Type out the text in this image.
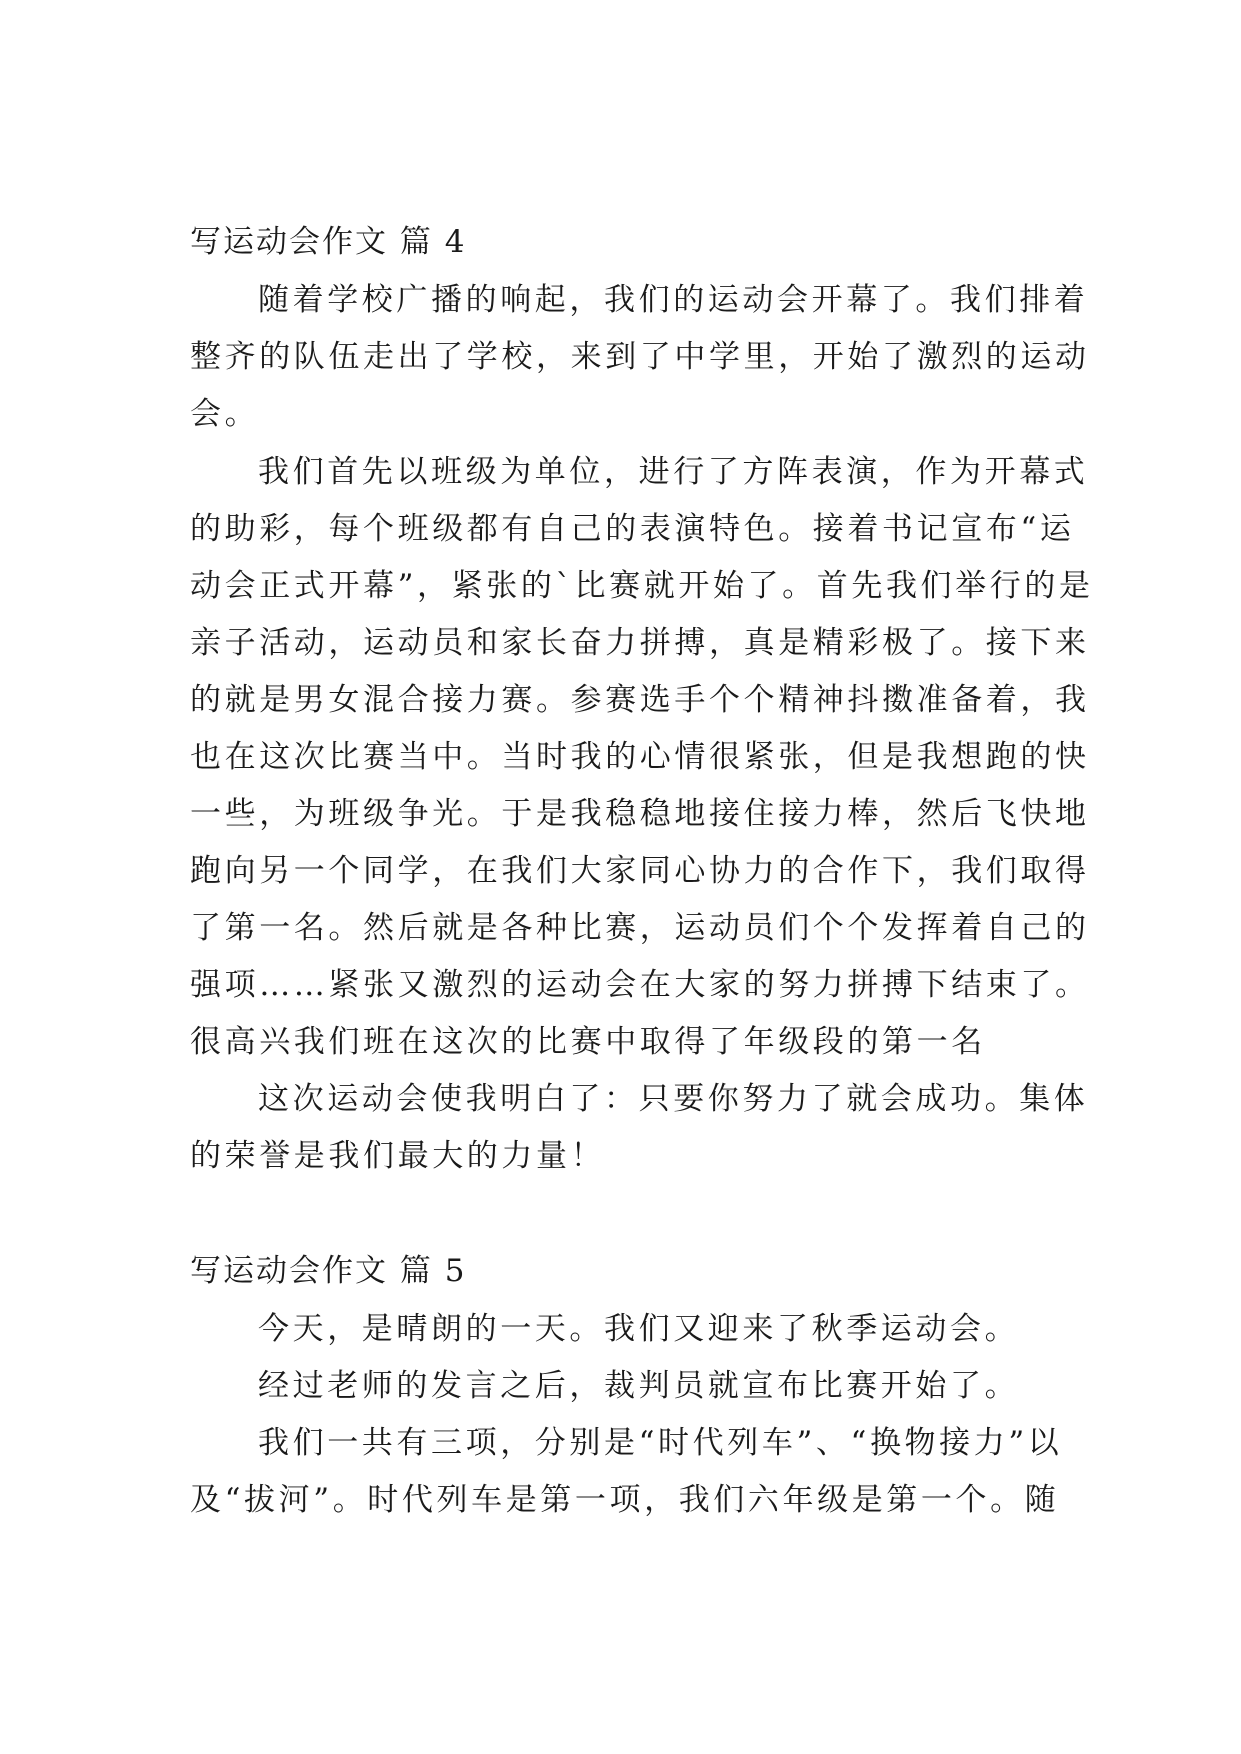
写运动会作文 篇 4
随着学校广播的响起，我们的运动会开幕了。我们排着
整齐的队伍走出了学校，来到了中学里，开始了激烈的运动
会。
我们首先以班级为单位，进行了方阵表演，作为开幕式
的助彩，每个班级都有自己的表演特色。接着书记宣布“运
动会正式开幕”，紧张的`比赛就开始了。首先我们举行的是
亲子活动，运动员和家长奋力拼搏，真是精彩极了。接下来
的就是男女混合接力赛。参赛选手个个精神抖擞准备着，我
也在这次比赛当中。当时我的心情很紧张，但是我想跑的快
一些，为班级争光。于是我稳稳地接住接力棒，然后飞快地
跑向另一个同学，在我们大家同心协力的合作下，我们取得
了第一名。然后就是各种比赛，运动员们个个发挥着自己的
强项……紧张又激烈的运动会在大家的努力拼搏下结束了。
很高兴我们班在这次的比赛中取得了年级段的第一名
这次运动会使我明白了：只要你努力了就会成功。集体
的荣誉是我们最大的力量！
写运动会作文 篇 5
今天，是晴朗的一天。我们又迎来了秋季运动会。
经过老师的发言之后，裁判员就宣布比赛开始了。
我们一共有三项，分别是“时代列车”、“换物接力”以
及“拔河”。时代列车是第一项，我们六年级是第一个。随
